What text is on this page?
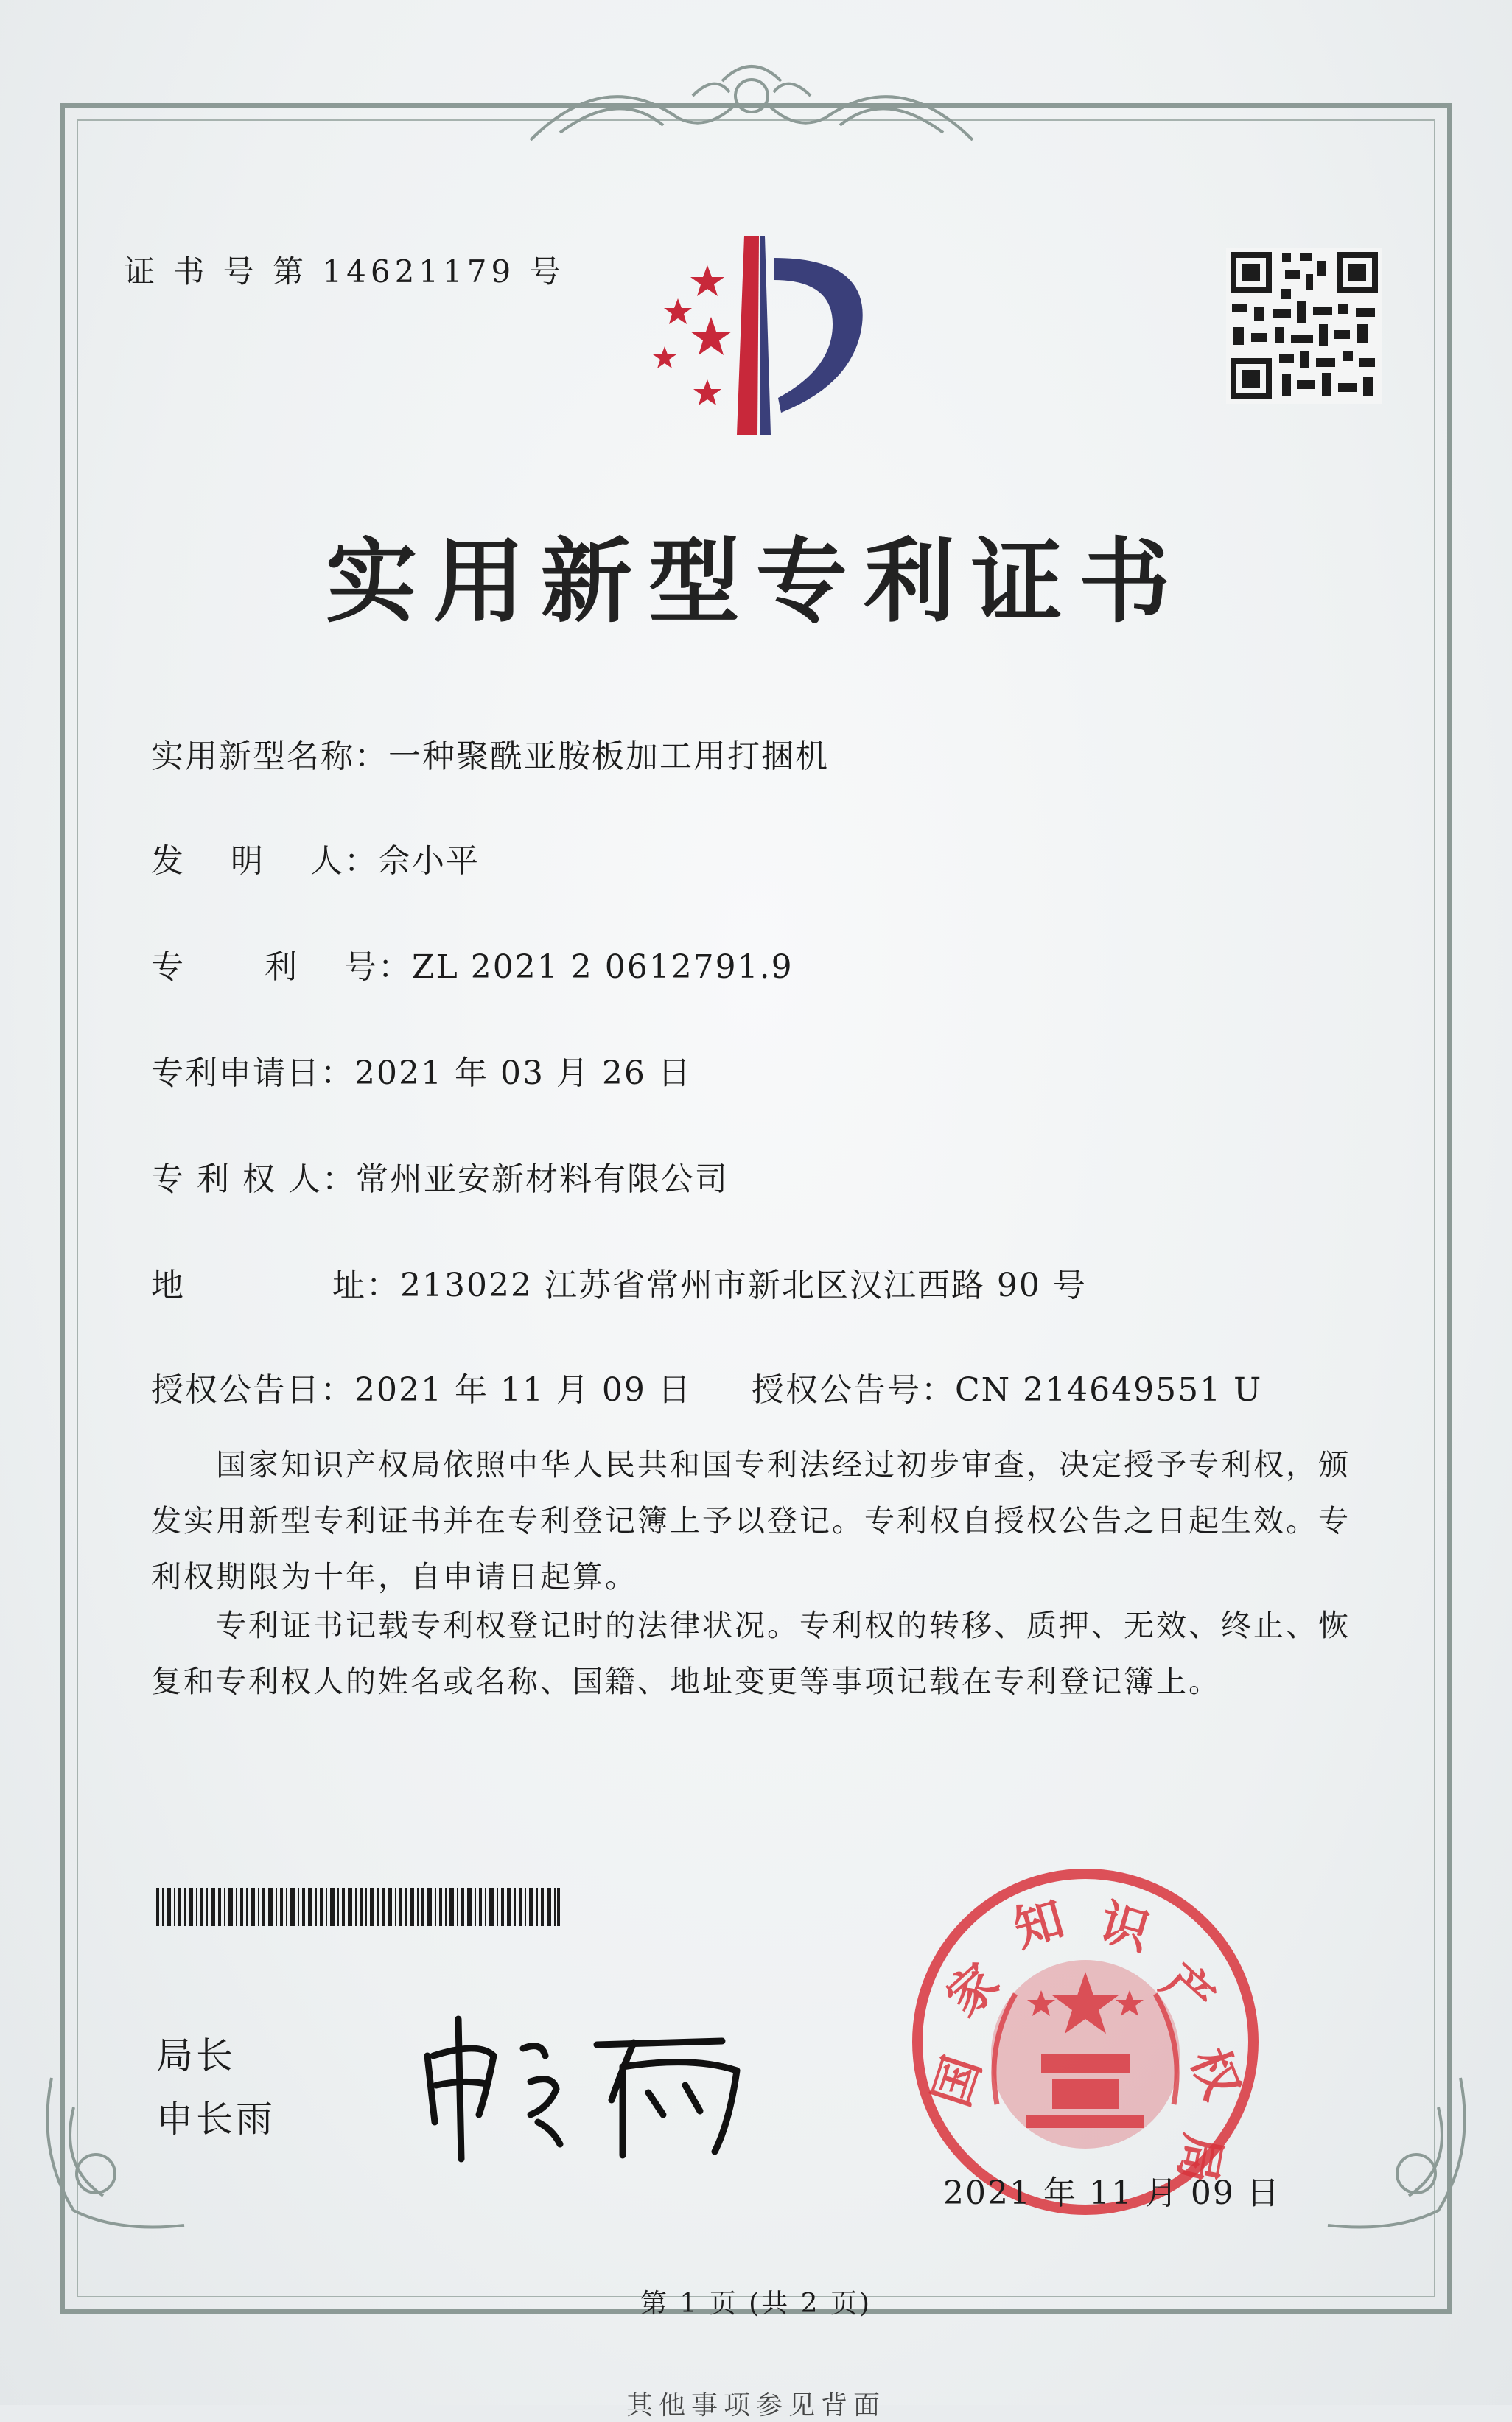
证 书 号 第 14621179 号
实用新型专利证书
实用新型名称：一种聚酰亚胺板加工用打捆机
发　 明　 人：佘小平
专　　 利　 号：ZL 2021 2 0612791.9
专利申请日：2021 年 03 月 26 日
专 利 权 人：常州亚安新材料有限公司
地　　　　 址：213022 江苏省常州市新北区汉江西路 90 号
授权公告日：2021 年 11 月 09 日 授权公告号：CN 214649551 U
　　国家知识产权局依照中华人民共和国专利法经过初步审查，决定授予专利权，颁发实用新型专利证书并在专利登记簿上予以登记。专利权自授权公告之日起生效。专利权期限为十年，自申请日起算。
　　专利证书记载专利权登记时的法律状况。专利权的转移、质押、无效、终止、恢复和专利权人的姓名或名称、国籍、地址变更等事项记载在专利登记簿上。
局长
申长雨
国
家
知 识
产
权
局
2021 年 11 月 09 日
第 1 页 (共 2 页)
其他事项参见背面
